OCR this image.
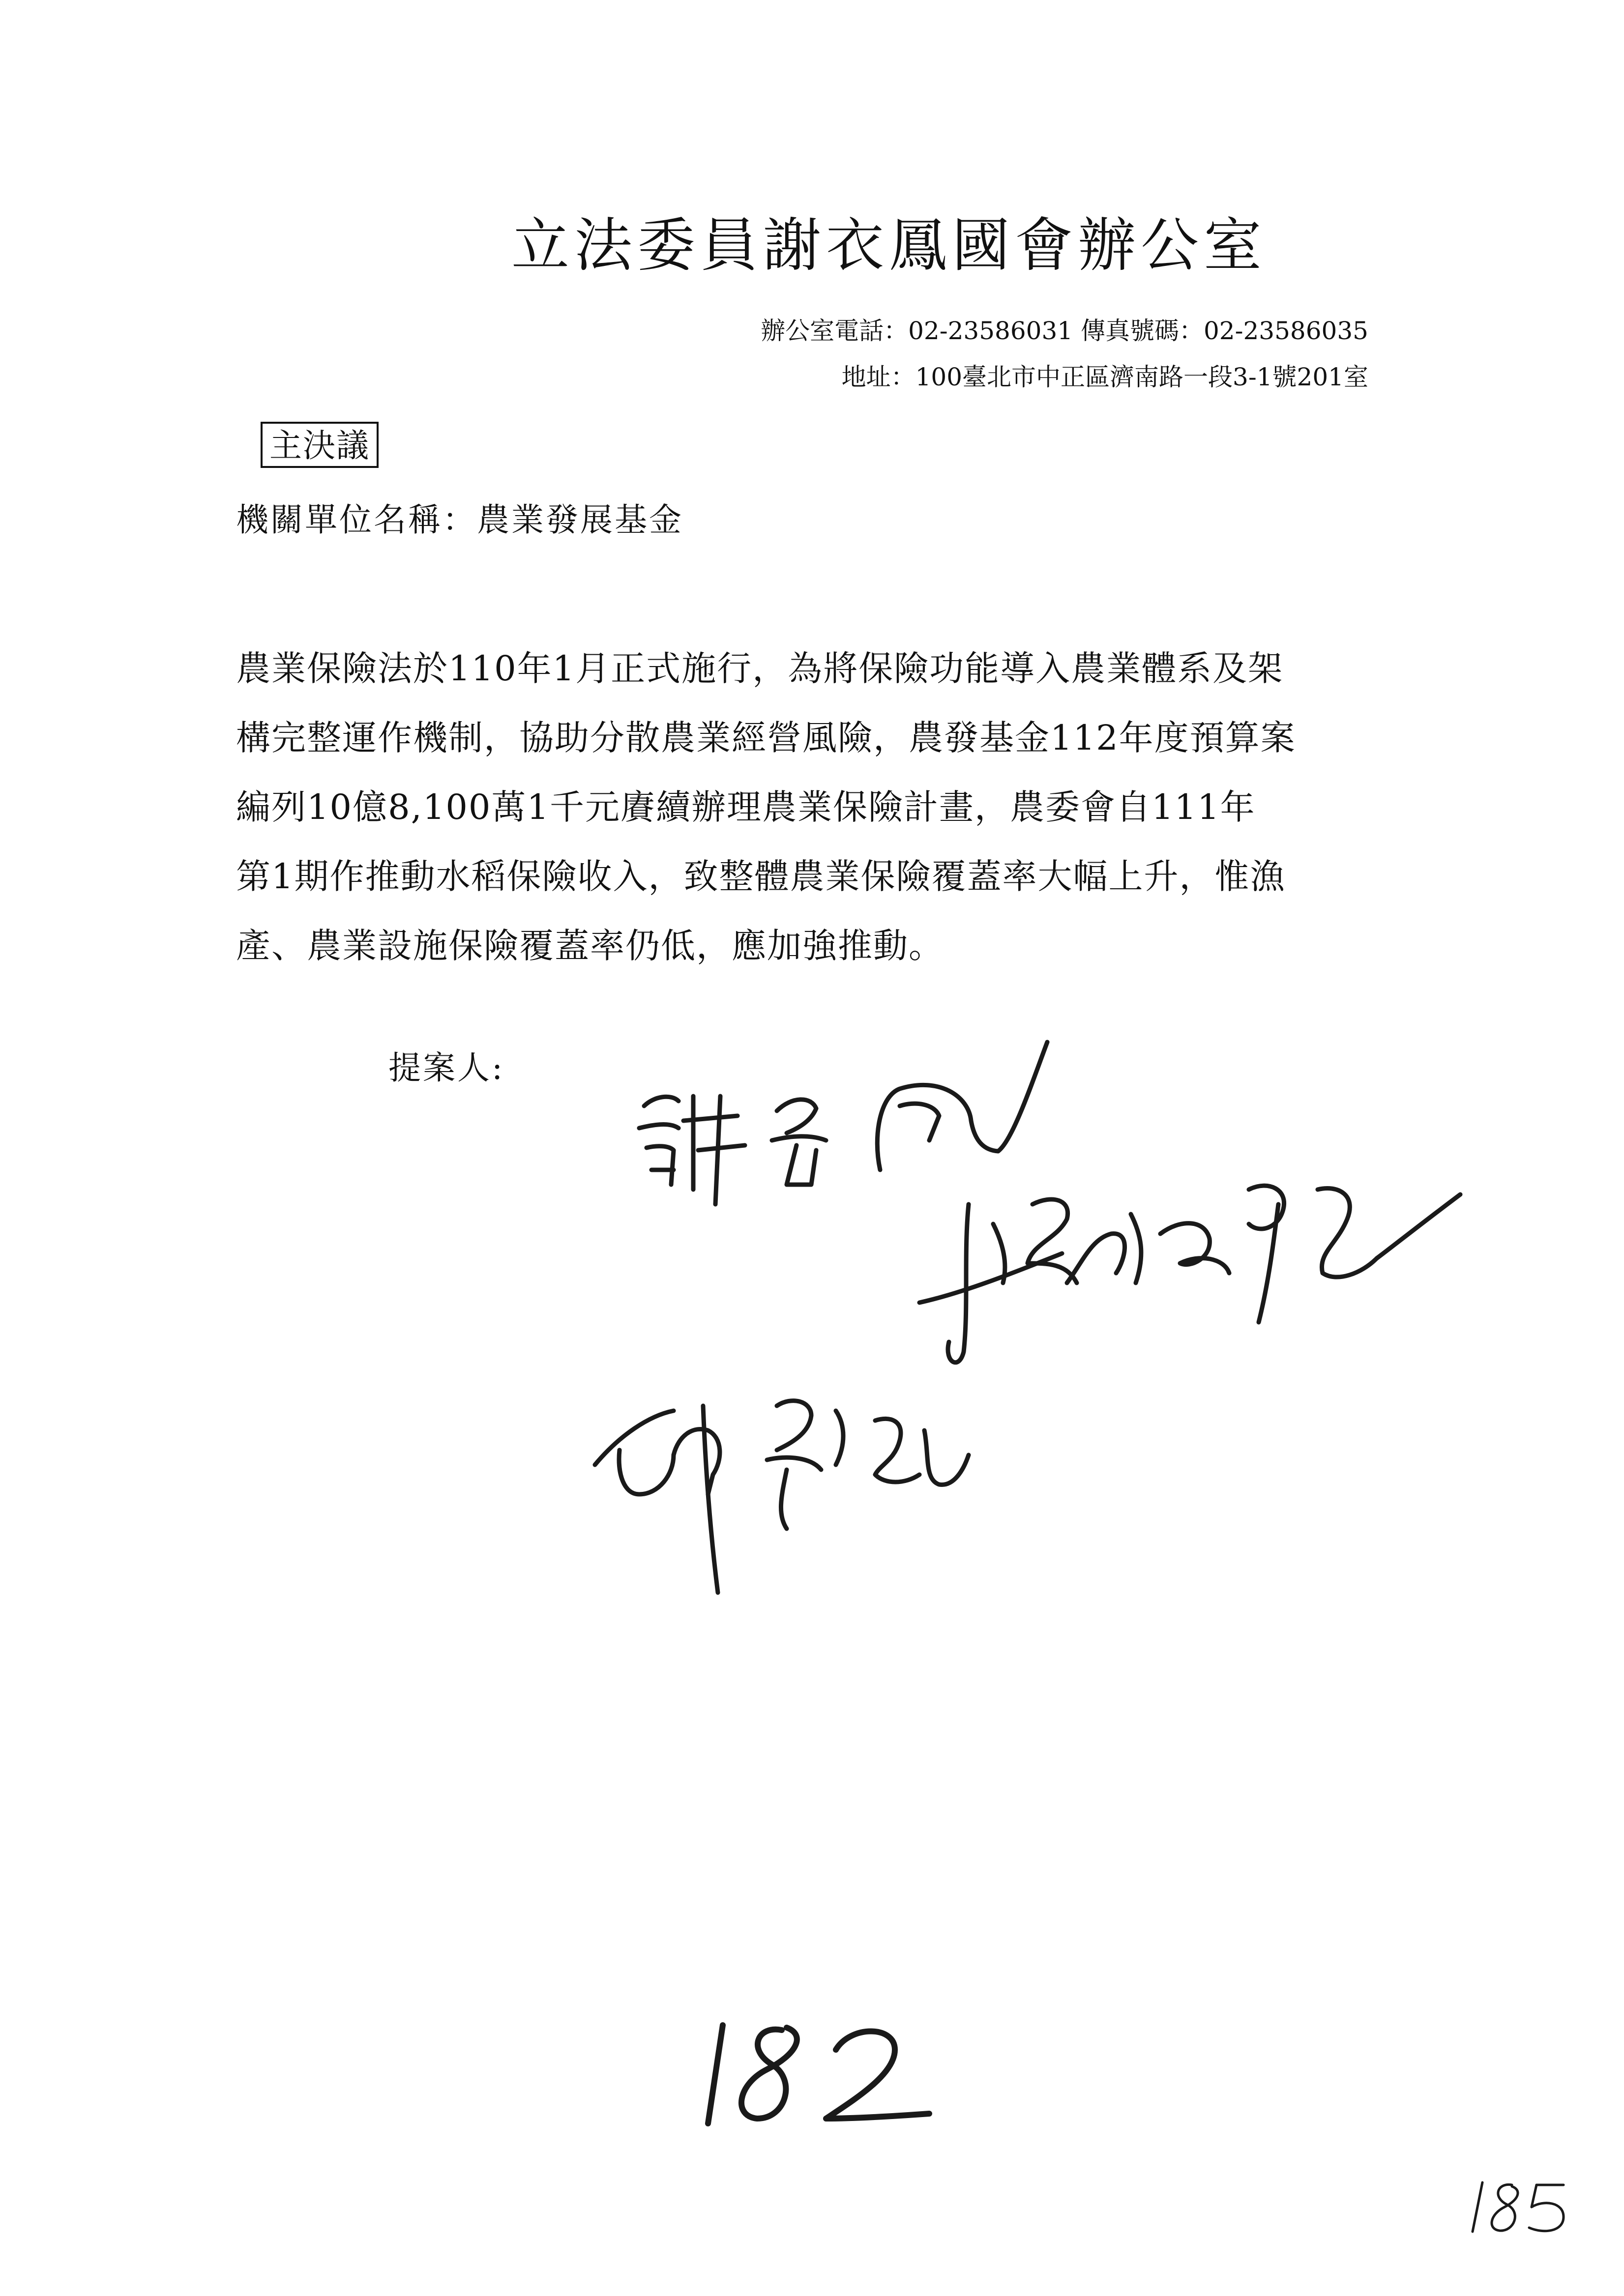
立法委員謝衣鳳國會辦公室
辦公室電話：02-23586031 傳真號碼：02-23586035
地址：100臺北市中正區濟南路一段3-1號201室
主決議
機關單位名稱：農業發展基金
農業保險法於110年1月正式施行，為將保險功能導入農業體系及架
構完整運作機制，協助分散農業經營風險，農發基金112年度預算案
編列10億8,100萬1千元賡續辦理農業保險計畫，農委會自111年
第1期作推動水稻保險收入，致整體農業保險覆蓋率大幅上升，惟漁
產、農業設施保險覆蓋率仍低，應加強推動。
提案人:
